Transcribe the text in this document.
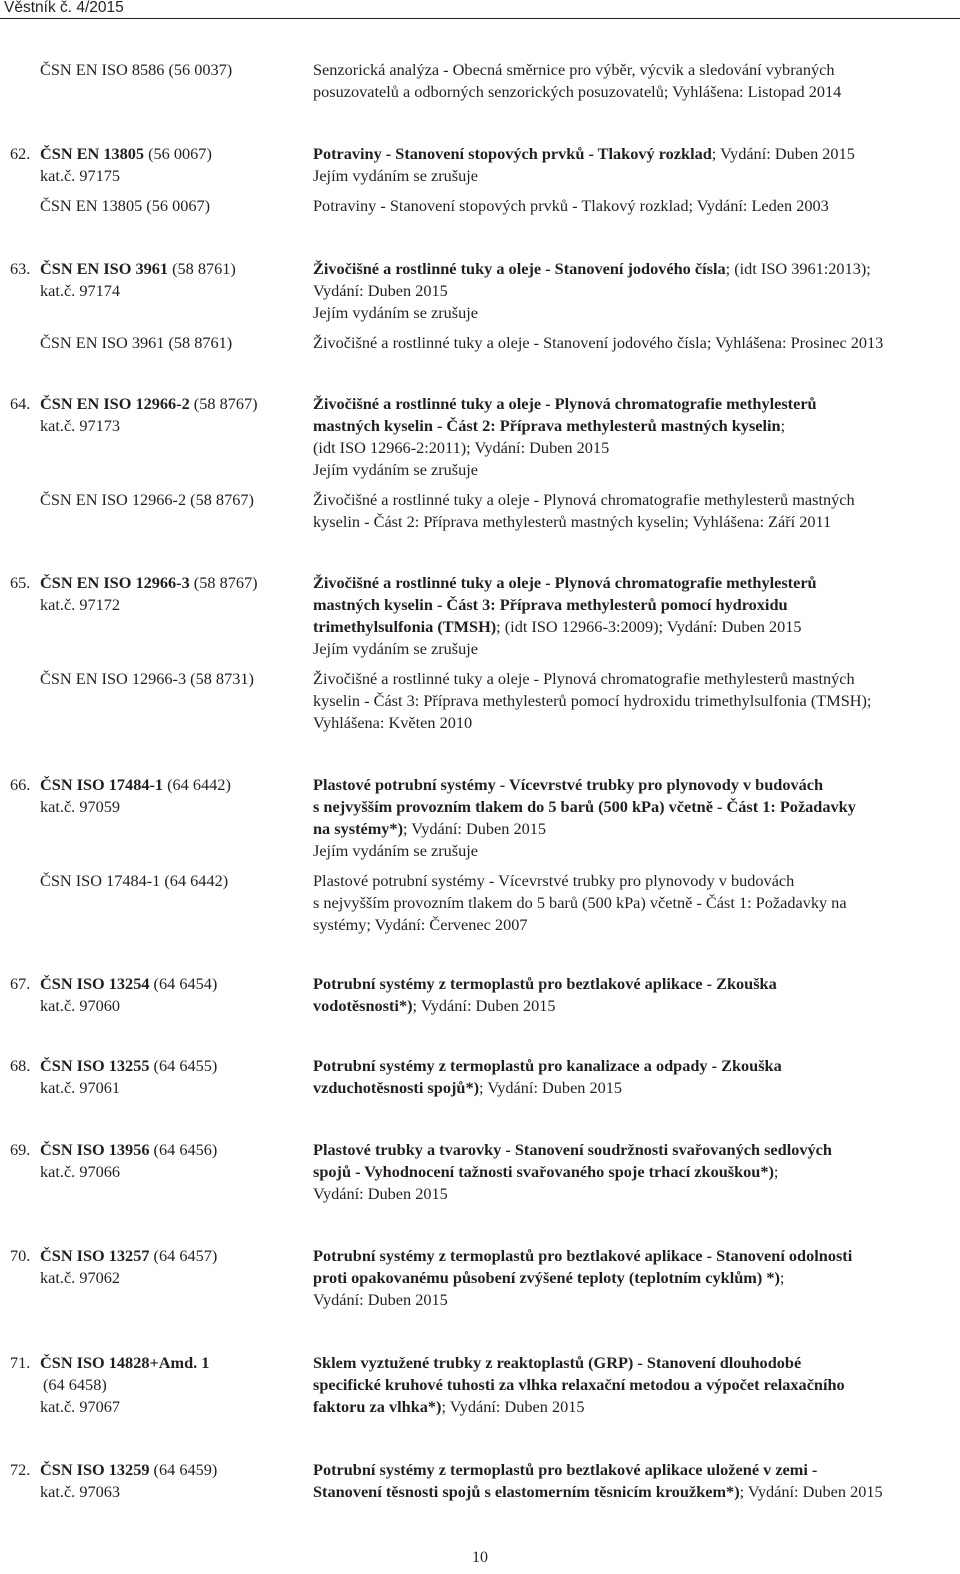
Věstník č. 4/2015
ČSN EN ISO 8586 (56 0037)	Senzorická analýza - Obecná směrnice pro výběr, výcvik a sledování vybraných
posuzovatelů a odborných senzorických posuzovatelů; Vyhlášena: Listopad 2014
62. ČSN EN 13805 (56 0067)
kat.č. 97175
ČSN EN 13805 (56 0067)
Potraviny - Stanovení stopových prvků - Tlakový rozklad; Vydání: Duben 2015
Jejím vydáním se zrušuje
Potraviny - Stanovení stopových prvků - Tlakový rozklad; Vydání: Leden 2003
63. ČSN EN ISO 3961 (58 8761)
kat.č. 97174
ČSN EN ISO 3961 (58 8761)
Živočišné a rostlinné tuky a oleje - Stanovení jodového čísla; (idt ISO 3961:2013);
Vydání: Duben 2015
Jejím vydáním se zrušuje
Živočišné a rostlinné tuky a oleje - Stanovení jodového čísla; Vyhlášena: Prosinec 2013
64. ČSN EN ISO 12966-2 (58 8767)
kat.č. 97173
ČSN EN ISO 12966-2 (58 8767)
Živočišné a rostlinné tuky a oleje - Plynová chromatografie methylesterů
mastných kyselin - Část 2: Příprava methylesterů mastných kyselin;
(idt ISO 12966-2:2011); Vydání: Duben 2015
Jejím vydáním se zrušuje
Živočišné a rostlinné tuky a oleje - Plynová chromatografie methylesterů mastných
kyselin - Část 2: Příprava methylesterů mastných kyselin; Vyhlášena: Září 2011
65. ČSN EN ISO 12966-3 (58 8767)
kat.č. 97172
ČSN EN ISO 12966-3 (58 8731)
Živočišné a rostlinné tuky a oleje - Plynová chromatografie methylesterů
mastných kyselin - Část 3: Příprava methylesterů pomocí hydroxidu
trimethylsulfonia (TMSH); (idt ISO 12966-3:2009); Vydání: Duben 2015
Jejím vydáním se zrušuje
Živočišné a rostlinné tuky a oleje - Plynová chromatografie methylesterů mastných
kyselin - Část 3: Příprava methylesterů pomocí hydroxidu trimethylsulfonia (TMSH);
Vyhlášena: Květen 2010
66. ČSN ISO 17484-1 (64 6442)
kat.č. 97059
ČSN ISO 17484-1 (64 6442)
Plastové potrubní systémy - Vícevrstvé trubky pro plynovody v budovách
s nejvyšším provozním tlakem do 5 barů (500 kPa) včetně - Část 1: Požadavky
na systémy*); Vydání: Duben 2015
Jejím vydáním se zrušuje
Plastové potrubní systémy - Vícevrstvé trubky pro plynovody v budovách
s nejvyšším provozním tlakem do 5 barů (500 kPa) včetně - Část 1: Požadavky na
systémy; Vydání: Červenec 2007
67. ČSN ISO 13254 (64 6454)
kat.č. 97060
Potrubní systémy z termoplastů pro beztlakové aplikace - Zkouška
vodotěsnosti*); Vydání: Duben 2015
68. ČSN ISO 13255 (64 6455)
kat.č. 97061
Potrubní systémy z termoplastů pro kanalizace a odpady - Zkouška
vzduchotěsnosti spojů*); Vydání: Duben 2015
69. ČSN ISO 13956 (64 6456)
kat.č. 97066
Plastové trubky a tvarovky - Stanovení soudržnosti svařovaných sedlových
spojů - Vyhodnocení tažnosti svařovaného spoje trhací zkouškou*);
Vydání: Duben 2015
70. ČSN ISO 13257 (64 6457)
kat.č. 97062
Potrubní systémy z termoplastů pro beztlakové aplikace - Stanovení odolnosti
proti opakovanému působení zvýšené teploty (teplotním cyklům) *);
Vydání: Duben 2015
71. ČSN ISO 14828+Amd. 1
(64 6458)
kat.č. 97067
Sklem vyztužené trubky z reaktoplastů (GRP) - Stanovení dlouhodobé
specifické kruhové tuhosti za vlhka relaxační metodou a výpočet relaxačního
faktoru za vlhka*); Vydání: Duben 2015
72. ČSN ISO 13259 (64 6459)
kat.č. 97063
Potrubní systémy z termoplastů pro beztlakové aplikace uložené v zemi -
Stanovení těsnosti spojů s elastomerním těsnicím kroužkem*); Vydání: Duben 2015
10
